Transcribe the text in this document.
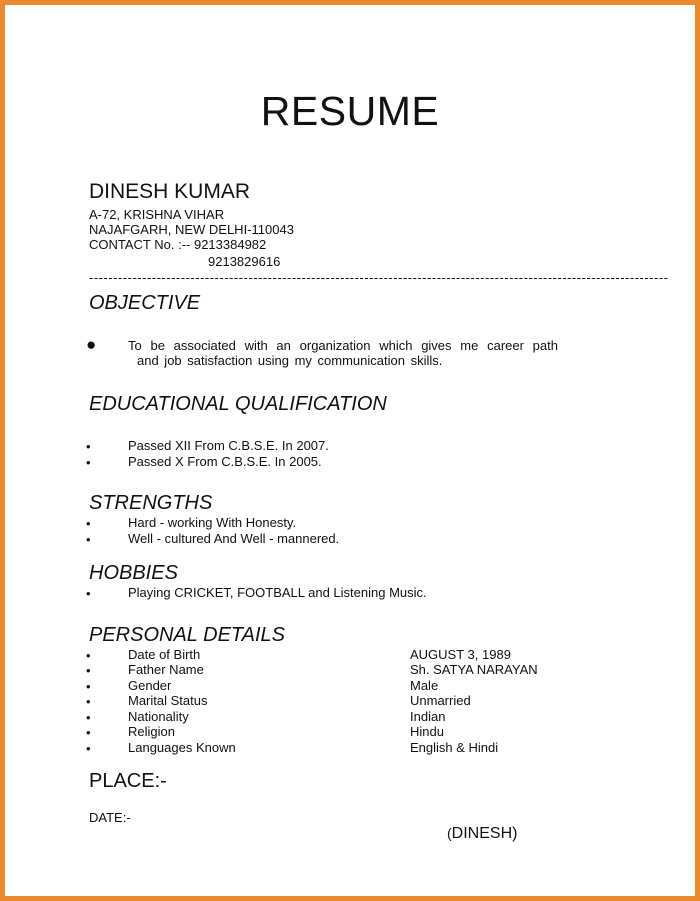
RESUME
DINESH KUMAR
A-72, KRISHNA VIHAR
NAJAFGARH, NEW DELHI-110043
CONTACT No. :-- 9213384982
9213829616
------------------------------------------------------------------------------------------------------------------------
OBJECTIVE
● To be associated with an organization which gives me career path
and job satisfaction using my communication skills.
EDUCATIONAL QUALIFICATION
•	Passed XII From C.B.S.E. In 2007.
•	Passed X From C.B.S.E. In 2005.
STRENGTHS
•	Hard - working With Honesty.
•	Well - cultured And Well - mannered.
HOBBIES
•	Playing CRICKET, FOOTBALL and Listening Music.
PERSONAL DETAILS
•	Date of Birth	AUGUST 3, 1989
•	Father Name	Sh. SATYA NARAYAN
•	Gender	Male
•	Marital Status	Unmarried
•	Nationality	Indian
•	Religion	Hindu
•	Languages Known	English & Hindi
PLACE:-
DATE:-
(DINESH)
